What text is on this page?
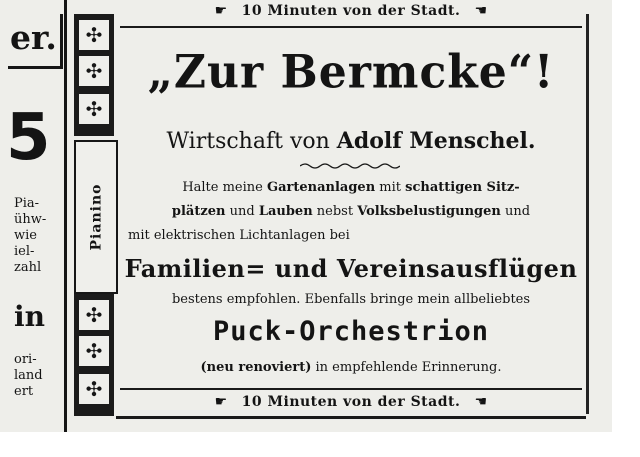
er.
5
Pia-
ühw-
wie
iel-
zahl
in
ori-
land
ert
✣
✣
✣
Pianino
✣
✣
✣
☛ 10 Minuten von der Stadt. ☛
„Zur Bermcke“!
Wirtschaft von Adolf Menschel.
Halte meine Gartenanlagen mit schattigen Sitz-
plätzen und Lauben nebst Volksbelustigungen und
mit elektrischen Lichtanlagen bei
Familien= und Vereinsausflügen
bestens empfohlen. Ebenfalls bringe mein allbeliebtes
Puck-Orchestrion
(neu renoviert) in empfehlende Erinnerung.
☛ 10 Minuten von der Stadt. ☛
